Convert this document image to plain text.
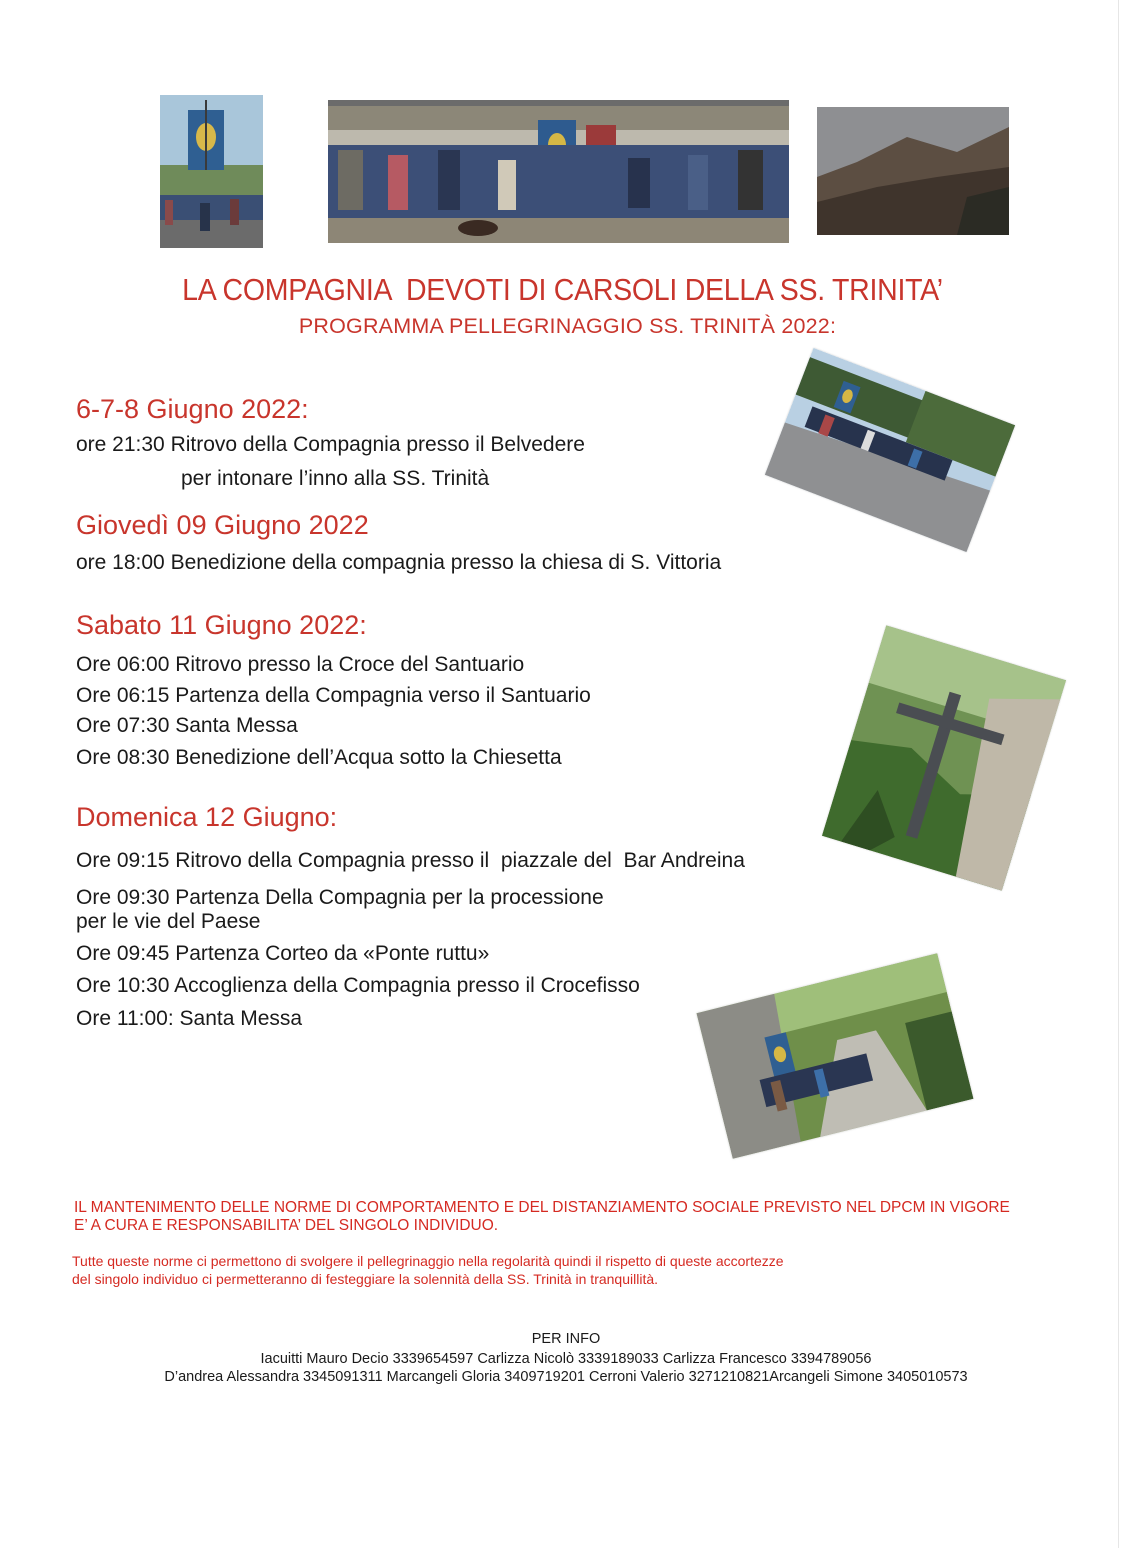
LA COMPAGNIA  DEVOTI DI CARSOLI DELLA SS. TRINITA’
PROGRAMMA PELLEGRINAGGIO SS. TRINITÀ 2022:
6-7-8 Giugno 2022:
ore 21:30 Ritrovo della Compagnia presso il Belvedere
per intonare l’inno alla SS. Trinità
Giovedì 09 Giugno 2022
ore 18:00 Benedizione della compagnia presso la chiesa di S. Vittoria
Sabato 11 Giugno 2022:
Ore 06:00 Ritrovo presso la Croce del Santuario
Ore 06:15 Partenza della Compagnia verso il Santuario
Ore 07:30 Santa Messa
Ore 08:30 Benedizione dell’Acqua sotto la Chiesetta
Domenica 12 Giugno:
Ore 09:15 Ritrovo della Compagnia presso il  piazzale del  Bar Andreina
Ore 09:30 Partenza Della Compagnia per la processione
per le vie del Paese
Ore 09:45 Partenza Corteo da «Ponte ruttu»
Ore 10:30 Accoglienza della Compagnia presso il Crocefisso
Ore 11:00: Santa Messa
IL MANTENIMENTO DELLE NORME DI COMPORTAMENTO E DEL DISTANZIAMENTO SOCIALE PREVISTO NEL DPCM IN VIGORE
E’ A CURA E RESPONSABILITA’ DEL SINGOLO INDIVIDUO.
Tutte queste norme ci permettono di svolgere il pellegrinaggio nella regolarità quindi il rispetto di queste accortezze
del singolo individuo ci permetteranno di festeggiare la solennità della SS. Trinità in tranquillità.
PER INFO
Iacuitti Mauro Decio 3339654597 Carlizza Nicolò 3339189033 Carlizza Francesco 3394789056
D’andrea Alessandra 3345091311 Marcangeli Gloria 3409719201 Cerroni Valerio 3271210821Arcangeli Simone 3405010573
